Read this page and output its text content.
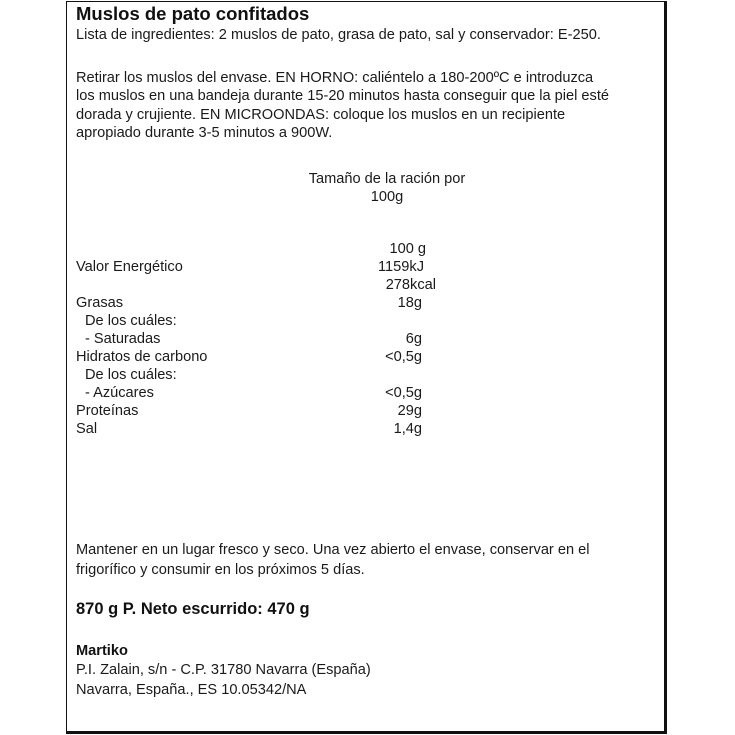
Muslos de pato confitados
Lista de ingredientes: 2 muslos de pato, grasa de pato, sal y conservador: E-250.
Retirar los muslos del envase. EN HORNO: caliéntelo a 180-200ºC e introduzca
los muslos en una bandeja durante 15-20 minutos hasta conseguir que la piel esté
dorada y crujiente. EN MICROONDAS: coloque los muslos en un recipiente
apropiado durante 3-5 minutos a 900W.
Tamaño de la ración por
100g
100 g
Valor Energético	1159kJ
278kcal
Grasas	18g
De los cuáles:
- Saturadas	6g
Hidratos de carbono	<0,5g
De los cuáles:
- Azúcares	<0,5g
Proteínas	29g
Sal	1,4g
Mantener en un lugar fresco y seco. Una vez abierto el envase, conservar en el
frigorífico y consumir en los próximos 5 días.
870 g P. Neto escurrido: 470 g
Martiko
P.I. Zalain, s/n - C.P. 31780 Navarra (España)
Navarra, España., ES 10.05342/NA
